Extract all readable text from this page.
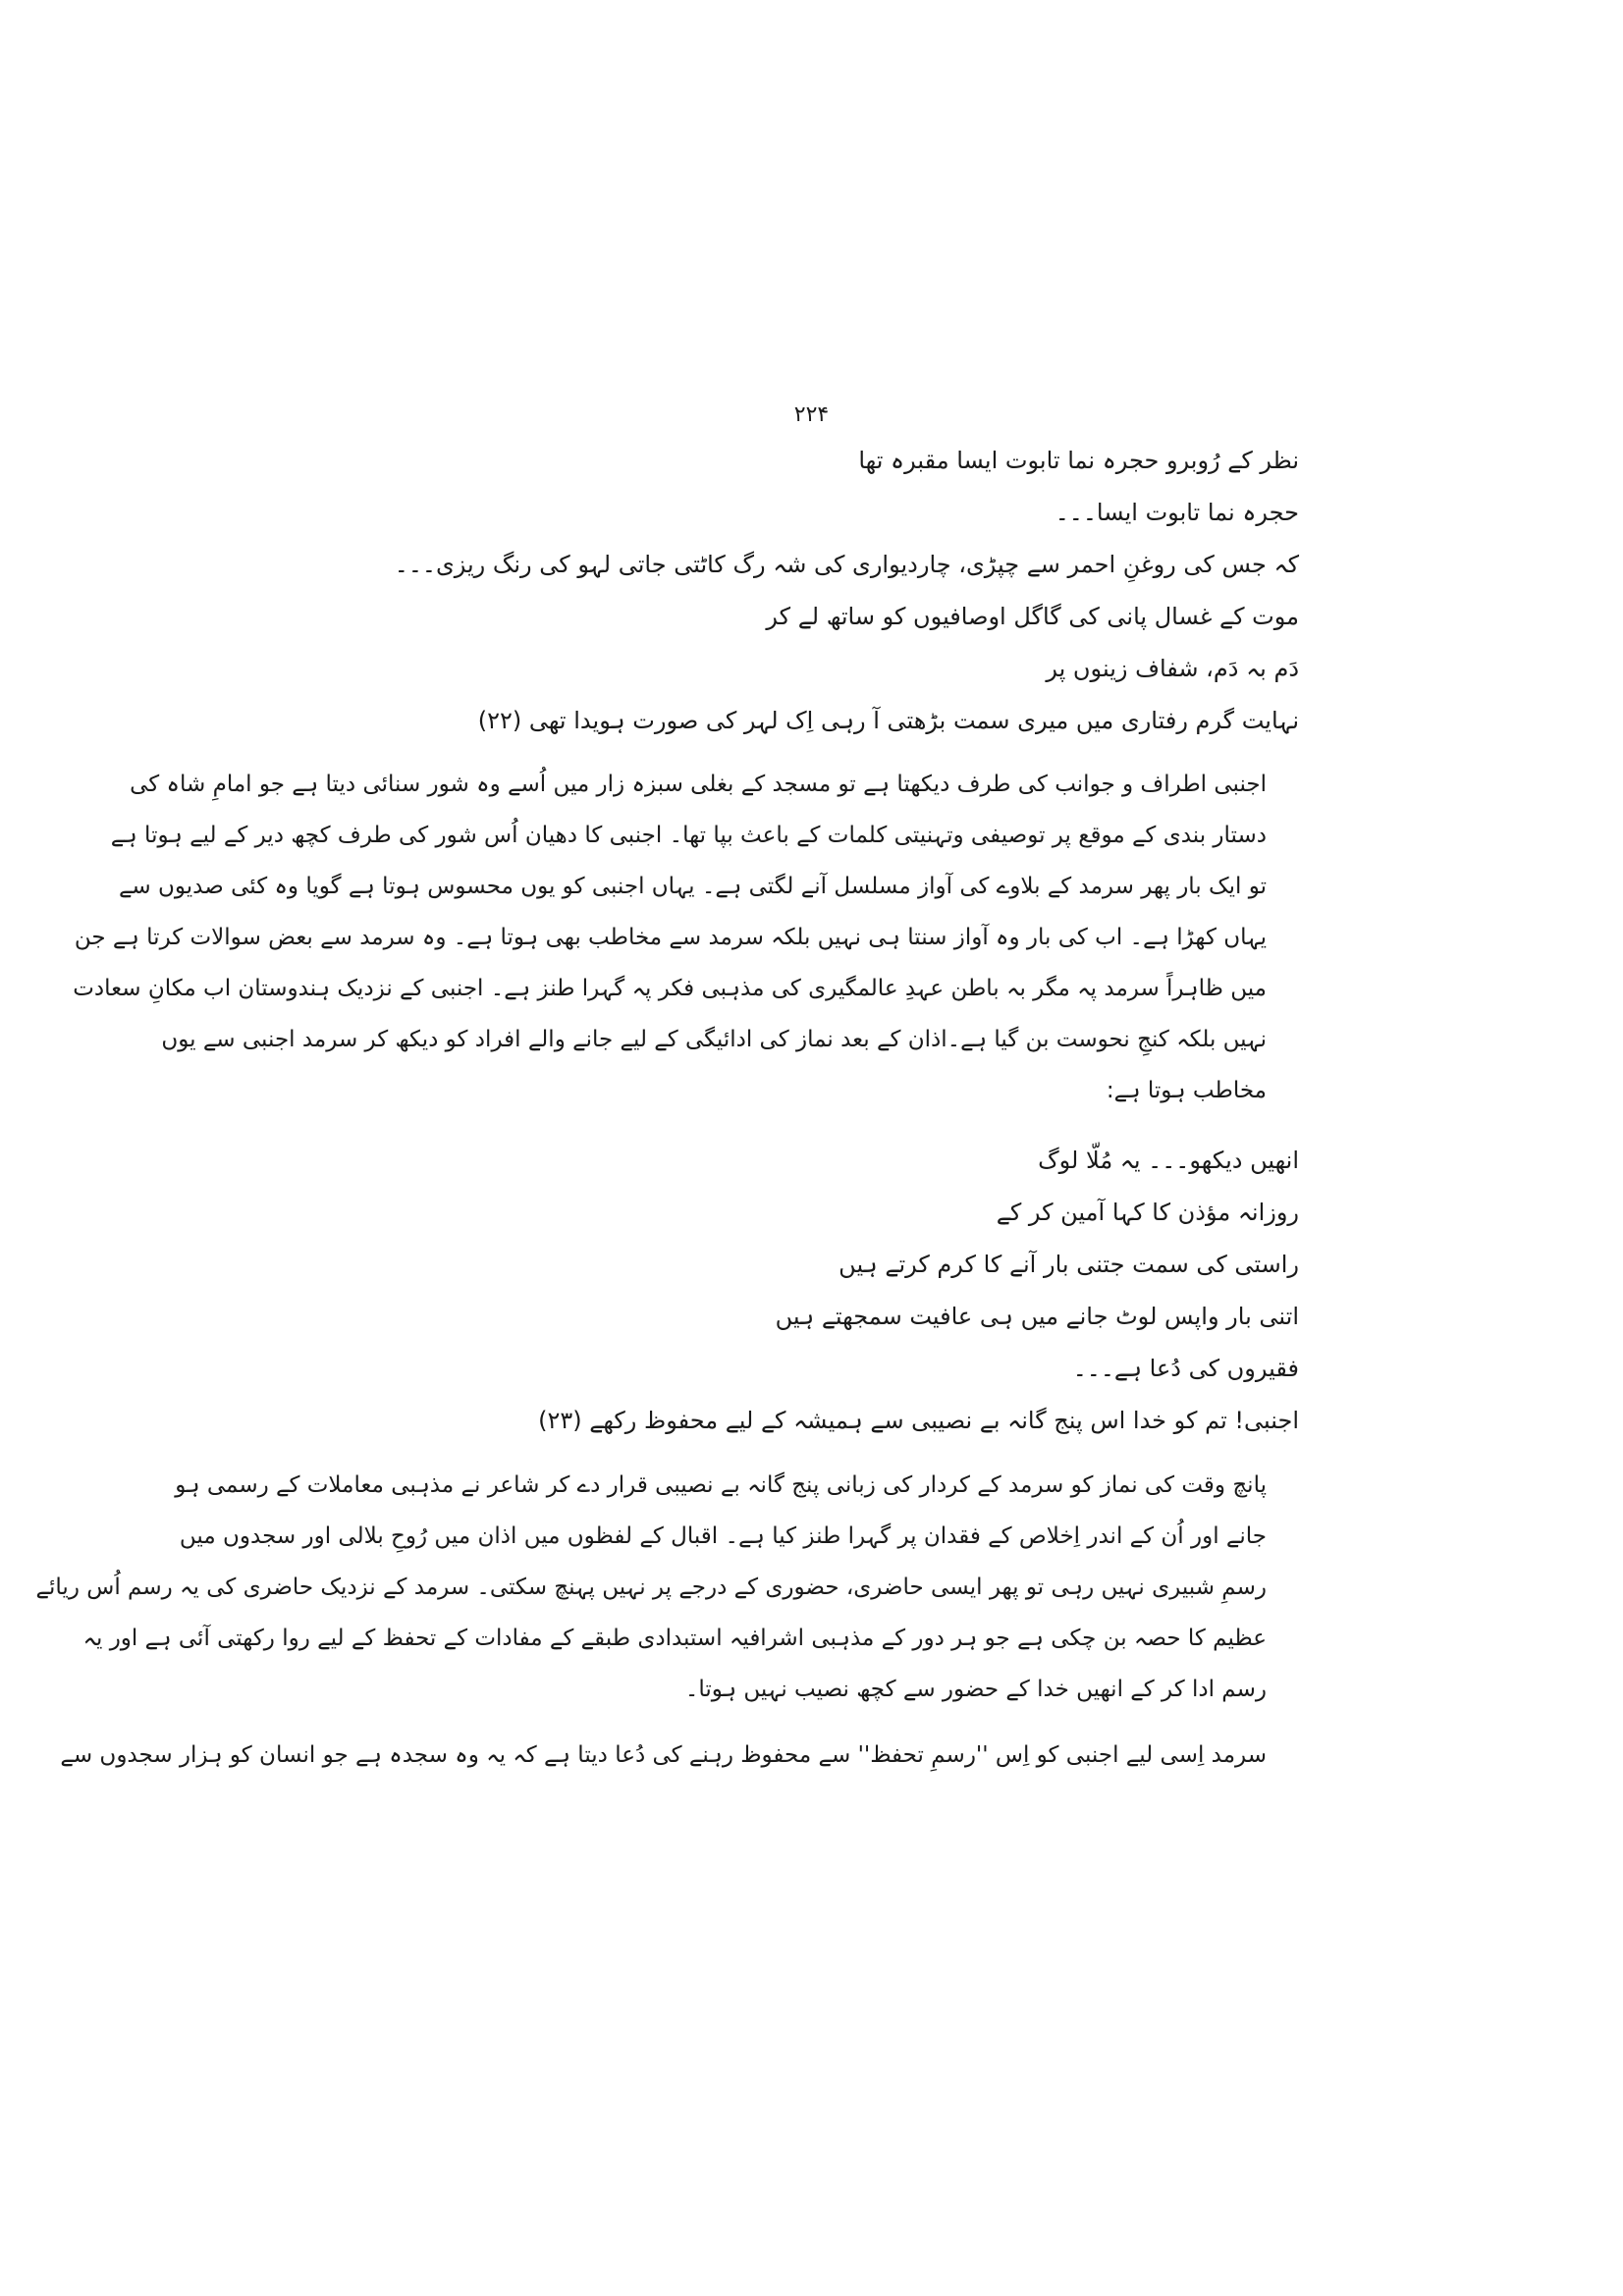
۲۲۴
نظر کے رُوبرو حجرہ نما تابوت ایسا مقبرہ تھا
حجرہ نما تابوت ایسا۔۔۔
کہ جس کی روغنِ احمر سے چپڑی، چاردیواری کی شہ رگ کاٹتی جاتی لہو کی رنگ ریزی۔۔۔
موت کے غسال پانی کی گاگل اوصافیوں کو ساتھ لے کر
دَم بہ دَم، شفاف زینوں پر
نہایت گرم رفتاری میں میری سمت بڑھتی آ رہی اِک لہر کی صورت ہویدا تھی (۲۲)
اجنبی اطراف و جوانب کی طرف دیکھتا ہے تو مسجد کے بغلی سبزہ زار میں اُسے وہ شور سنائی دیتا ہے جو امامِ شاہ کی
دستار بندی کے موقع پر توصیفی وتہنیتی کلمات کے باعث بپا تھا۔ اجنبی کا دھیان اُس شور کی طرف کچھ دیر کے لیے ہوتا ہے
تو ایک بار پھر سرمد کے بلاوے کی آواز مسلسل آنے لگتی ہے۔ یہاں اجنبی کو یوں محسوس ہوتا ہے گویا وہ کئی صدیوں سے
یہاں کھڑا ہے۔ اب کی بار وہ آواز سنتا ہی نہیں بلکہ سرمد سے مخاطب بھی ہوتا ہے۔ وہ سرمد سے بعض سوالات کرتا ہے جن
میں ظاہراً سرمد پہ مگر بہ باطن عہدِ عالمگیری کی مذہبی فکر پہ گہرا طنز ہے۔ اجنبی کے نزدیک ہندوستان اب مکانِ سعادت
نہیں بلکہ کنجِ نحوست بن گیا ہے۔اذان کے بعد نماز کی ادائیگی کے لیے جانے والے افراد کو دیکھ کر سرمد اجنبی سے یوں
مخاطب ہوتا ہے:
انھیں دیکھو۔۔۔ یہ مُلّا لوگ
روزانہ مؤذن کا کہا آمین کر کے
راستی کی سمت جتنی بار آنے کا کرم کرتے ہیں
اتنی بار واپس لوٹ جانے میں ہی عافیت سمجھتے ہیں
فقیروں کی دُعا ہے۔۔۔
اجنبی! تم کو خدا اس پنج گانہ بے نصیبی سے ہمیشہ کے لیے محفوظ رکھے (۲۳)
پانچ وقت کی نماز کو سرمد کے کردار کی زبانی پنج گانہ بے نصیبی قرار دے کر شاعر نے مذہبی معاملات کے رسمی ہو
جانے اور اُن کے اندر اِخلاص کے فقدان پر گہرا طنز کیا ہے۔ اقبال کے لفظوں میں اذان میں رُوحِ بلالی اور سجدوں میں
رسمِ شبیری نہیں رہی تو پھر ایسی حاضری، حضوری کے درجے پر نہیں پہنچ سکتی۔ سرمد کے نزدیک حاضری کی یہ رسم اُس ریائے
عظیم کا حصہ بن چکی ہے جو ہر دور کے مذہبی اشرافیہ استبدادی طبقے کے مفادات کے تحفظ کے لیے روا رکھتی آئی ہے اور یہ
رسم ادا کر کے انھیں خدا کے حضور سے کچھ نصیب نہیں ہوتا۔
سرمد اِسی لیے اجنبی کو اِس ''رسمِ تحفظ'' سے محفوظ رہنے کی دُعا دیتا ہے کہ یہ وہ سجدہ ہے جو انسان کو ہزار سجدوں سے
